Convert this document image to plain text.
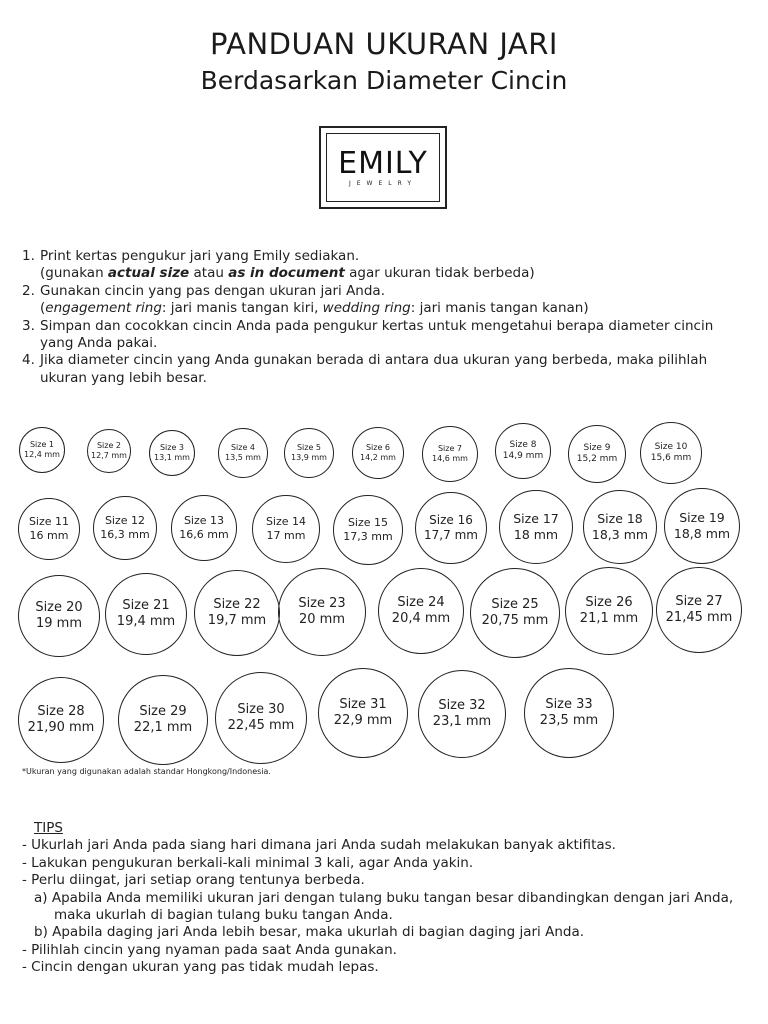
PANDUAN UKURAN JARI
Berdasarkan Diameter Cincin
EMILY
JEWELRY
1. Print kertas pengukur jari yang Emily sediakan.
(gunakan actual size atau as in document agar ukuran tidak berbeda)
2. Gunakan cincin yang pas dengan ukuran jari Anda.
(engagement ring: jari manis tangan kiri, wedding ring: jari manis tangan kanan)
3. Simpan dan cocokkan cincin Anda pada pengukur kertas untuk mengetahui berapa diameter cincin
yang Anda pakai.
4. Jika diameter cincin yang Anda gunakan berada di antara dua ukuran yang berbeda, maka pilihlah
ukuran yang lebih besar.
Size 1
12,4 mm
Size 2
12,7 mm
Size 3
13,1 mm
Size 4
13,5 mm
Size 5
13,9 mm
Size 6
14,2 mm
Size 7
14,6 mm
Size 8
14,9 mm
Size 9
15,2 mm
Size 10
15,6 mm
Size 11
16 mm
Size 12
16,3 mm
Size 13
16,6 mm
Size 14
17 mm
Size 15
17,3 mm
Size 16
17,7 mm
Size 17
18 mm
Size 18
18,3 mm
Size 19
18,8 mm
Size 20
19 mm
Size 21
19,4 mm
Size 22
19,7 mm
Size 23
20 mm
Size 24
20,4 mm
Size 25
20,75 mm
Size 26
21,1 mm
Size 27
21,45 mm
Size 28
21,90 mm
Size 29
22,1 mm
Size 30
22,45 mm
Size 31
22,9 mm
Size 32
23,1 mm
Size 33
23,5 mm
*Ukuran yang digunakan adalah standar Hongkong/Indonesia.
TIPS
- Ukurlah jari Anda pada siang hari dimana jari Anda sudah melakukan banyak aktifitas.
- Lakukan pengukuran berkali-kali minimal 3 kali, agar Anda yakin.
- Perlu diingat, jari setiap orang tentunya berbeda.
a) Apabila Anda memiliki ukuran jari dengan tulang buku tangan besar dibandingkan dengan jari Anda,
maka ukurlah di bagian tulang buku tangan Anda.
b) Apabila daging jari Anda lebih besar, maka ukurlah di bagian daging jari Anda.
- Pilihlah cincin yang nyaman pada saat Anda gunakan.
- Cincin dengan ukuran yang pas tidak mudah lepas.
